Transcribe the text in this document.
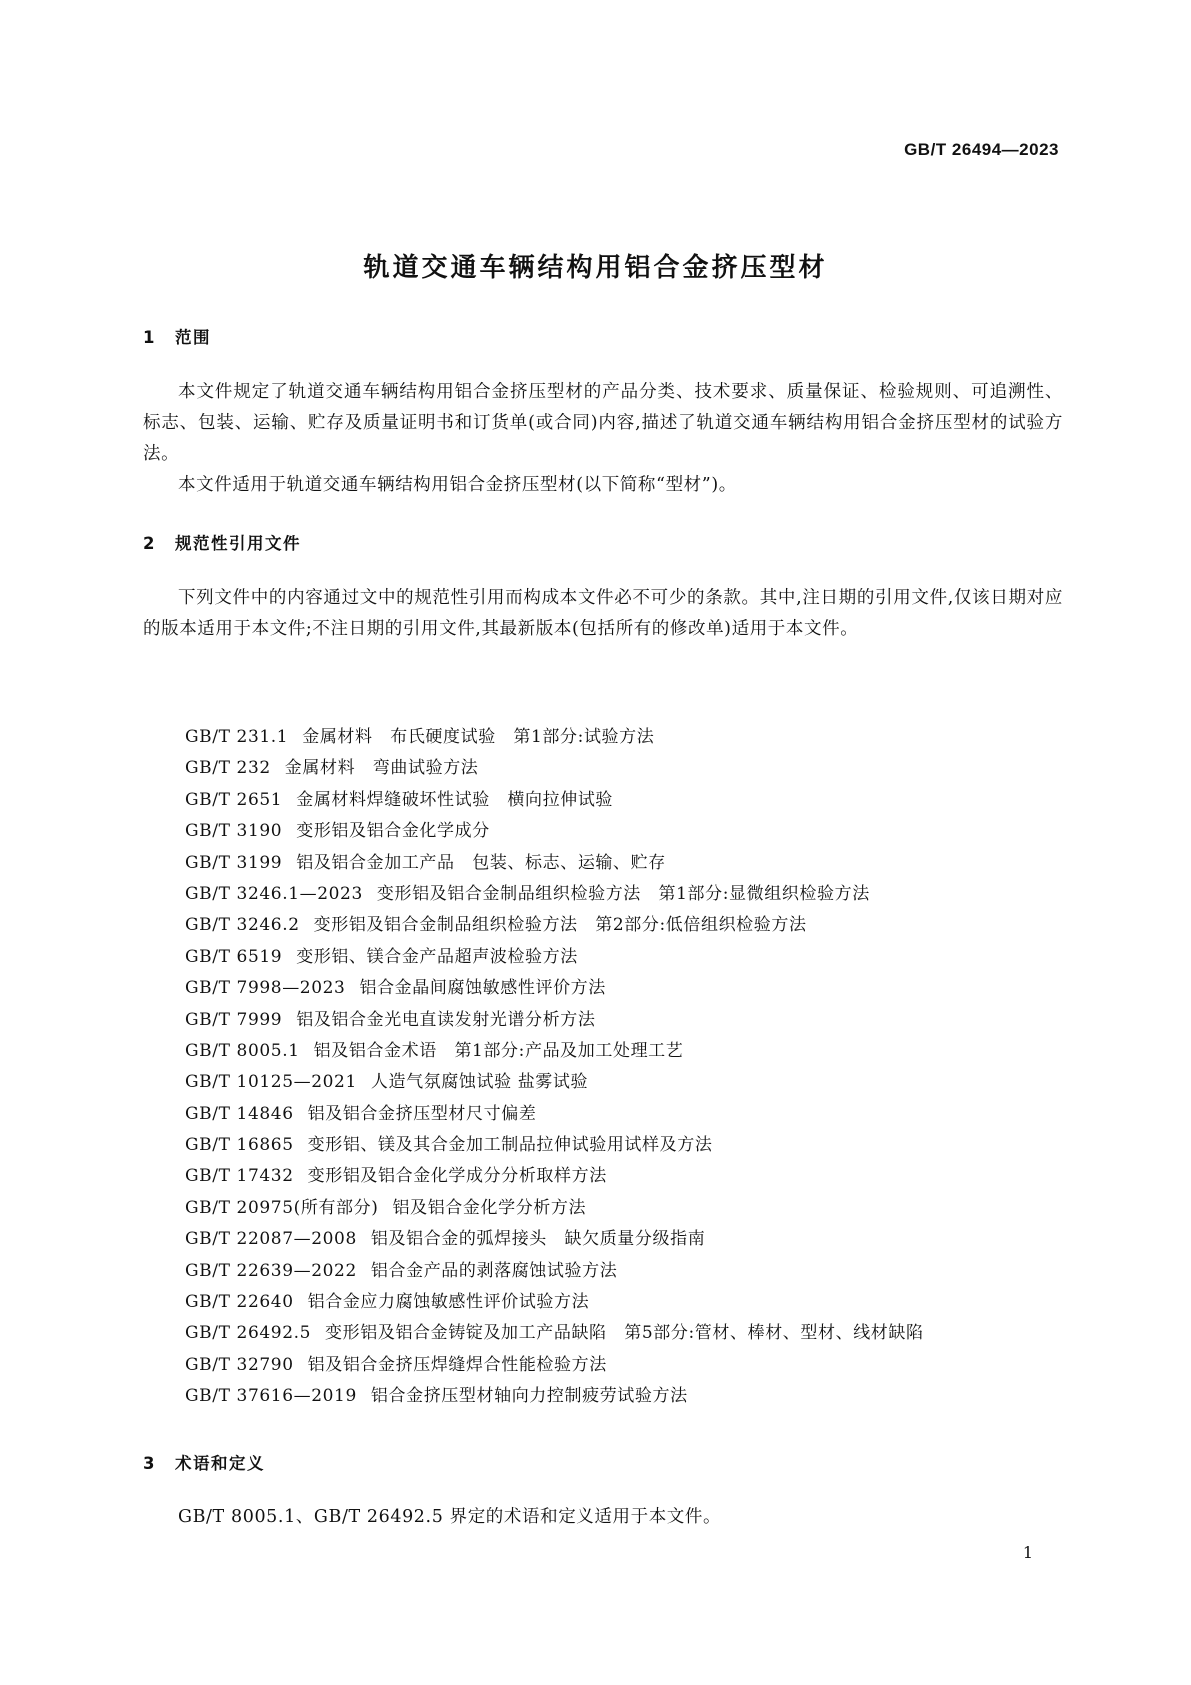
GB/T 26494—2023
轨道交通车辆结构用铝合金挤压型材
1 范围

本文件规定了轨道交通车辆结构用铝合金挤压型材的产品分类、技术要求、质量保证、检验规则、可追溯性、标志、包装、运输、贮存及质量证明书和订货单(或合同)内容,描述了轨道交通车辆结构用铝合金挤压型材的试验方法。

本文件适用于轨道交通车辆结构用铝合金挤压型材(以下简称“型材”)。

2 规范性引用文件

下列文件中的内容通过文中的规范性引用而构成本文件必不可少的条款。其中,注日期的引用文件,仅该日期对应的版本适用于本文件;不注日期的引用文件,其最新版本(包括所有的修改单)适用于本文件。

GB/T 231.1 金属材料　布氏硬度试验　第1部分:试验方法
GB/T 232 金属材料　弯曲试验方法
GB/T 2651 金属材料焊缝破坏性试验　横向拉伸试验
GB/T 3190 变形铝及铝合金化学成分
GB/T 3199 铝及铝合金加工产品　包装、标志、运输、贮存
GB/T 3246.1—2023 变形铝及铝合金制品组织检验方法　第1部分:显微组织检验方法
GB/T 3246.2 变形铝及铝合金制品组织检验方法　第2部分:低倍组织检验方法
GB/T 6519 变形铝、镁合金产品超声波检验方法
GB/T 7998—2023 铝合金晶间腐蚀敏感性评价方法
GB/T 7999 铝及铝合金光电直读发射光谱分析方法
GB/T 8005.1 铝及铝合金术语　第1部分:产品及加工处理工艺
GB/T 10125—2021 人造气氛腐蚀试验 盐雾试验
GB/T 14846 铝及铝合金挤压型材尺寸偏差
GB/T 16865 变形铝、镁及其合金加工制品拉伸试验用试样及方法
GB/T 17432 变形铝及铝合金化学成分分析取样方法
GB/T 20975(所有部分) 铝及铝合金化学分析方法
GB/T 22087—2008 铝及铝合金的弧焊接头　缺欠质量分级指南
GB/T 22639—2022 铝合金产品的剥落腐蚀试验方法
GB/T 22640 铝合金应力腐蚀敏感性评价试验方法
GB/T 26492.5 变形铝及铝合金铸锭及加工产品缺陷　第5部分:管材、棒材、型材、线材缺陷
GB/T 32790 铝及铝合金挤压焊缝焊合性能检验方法
GB/T 37616—2019 铝合金挤压型材轴向力控制疲劳试验方法
3 术语和定义

GB/T 8005.1、GB/T 26492.5 界定的术语和定义适用于本文件。

1
